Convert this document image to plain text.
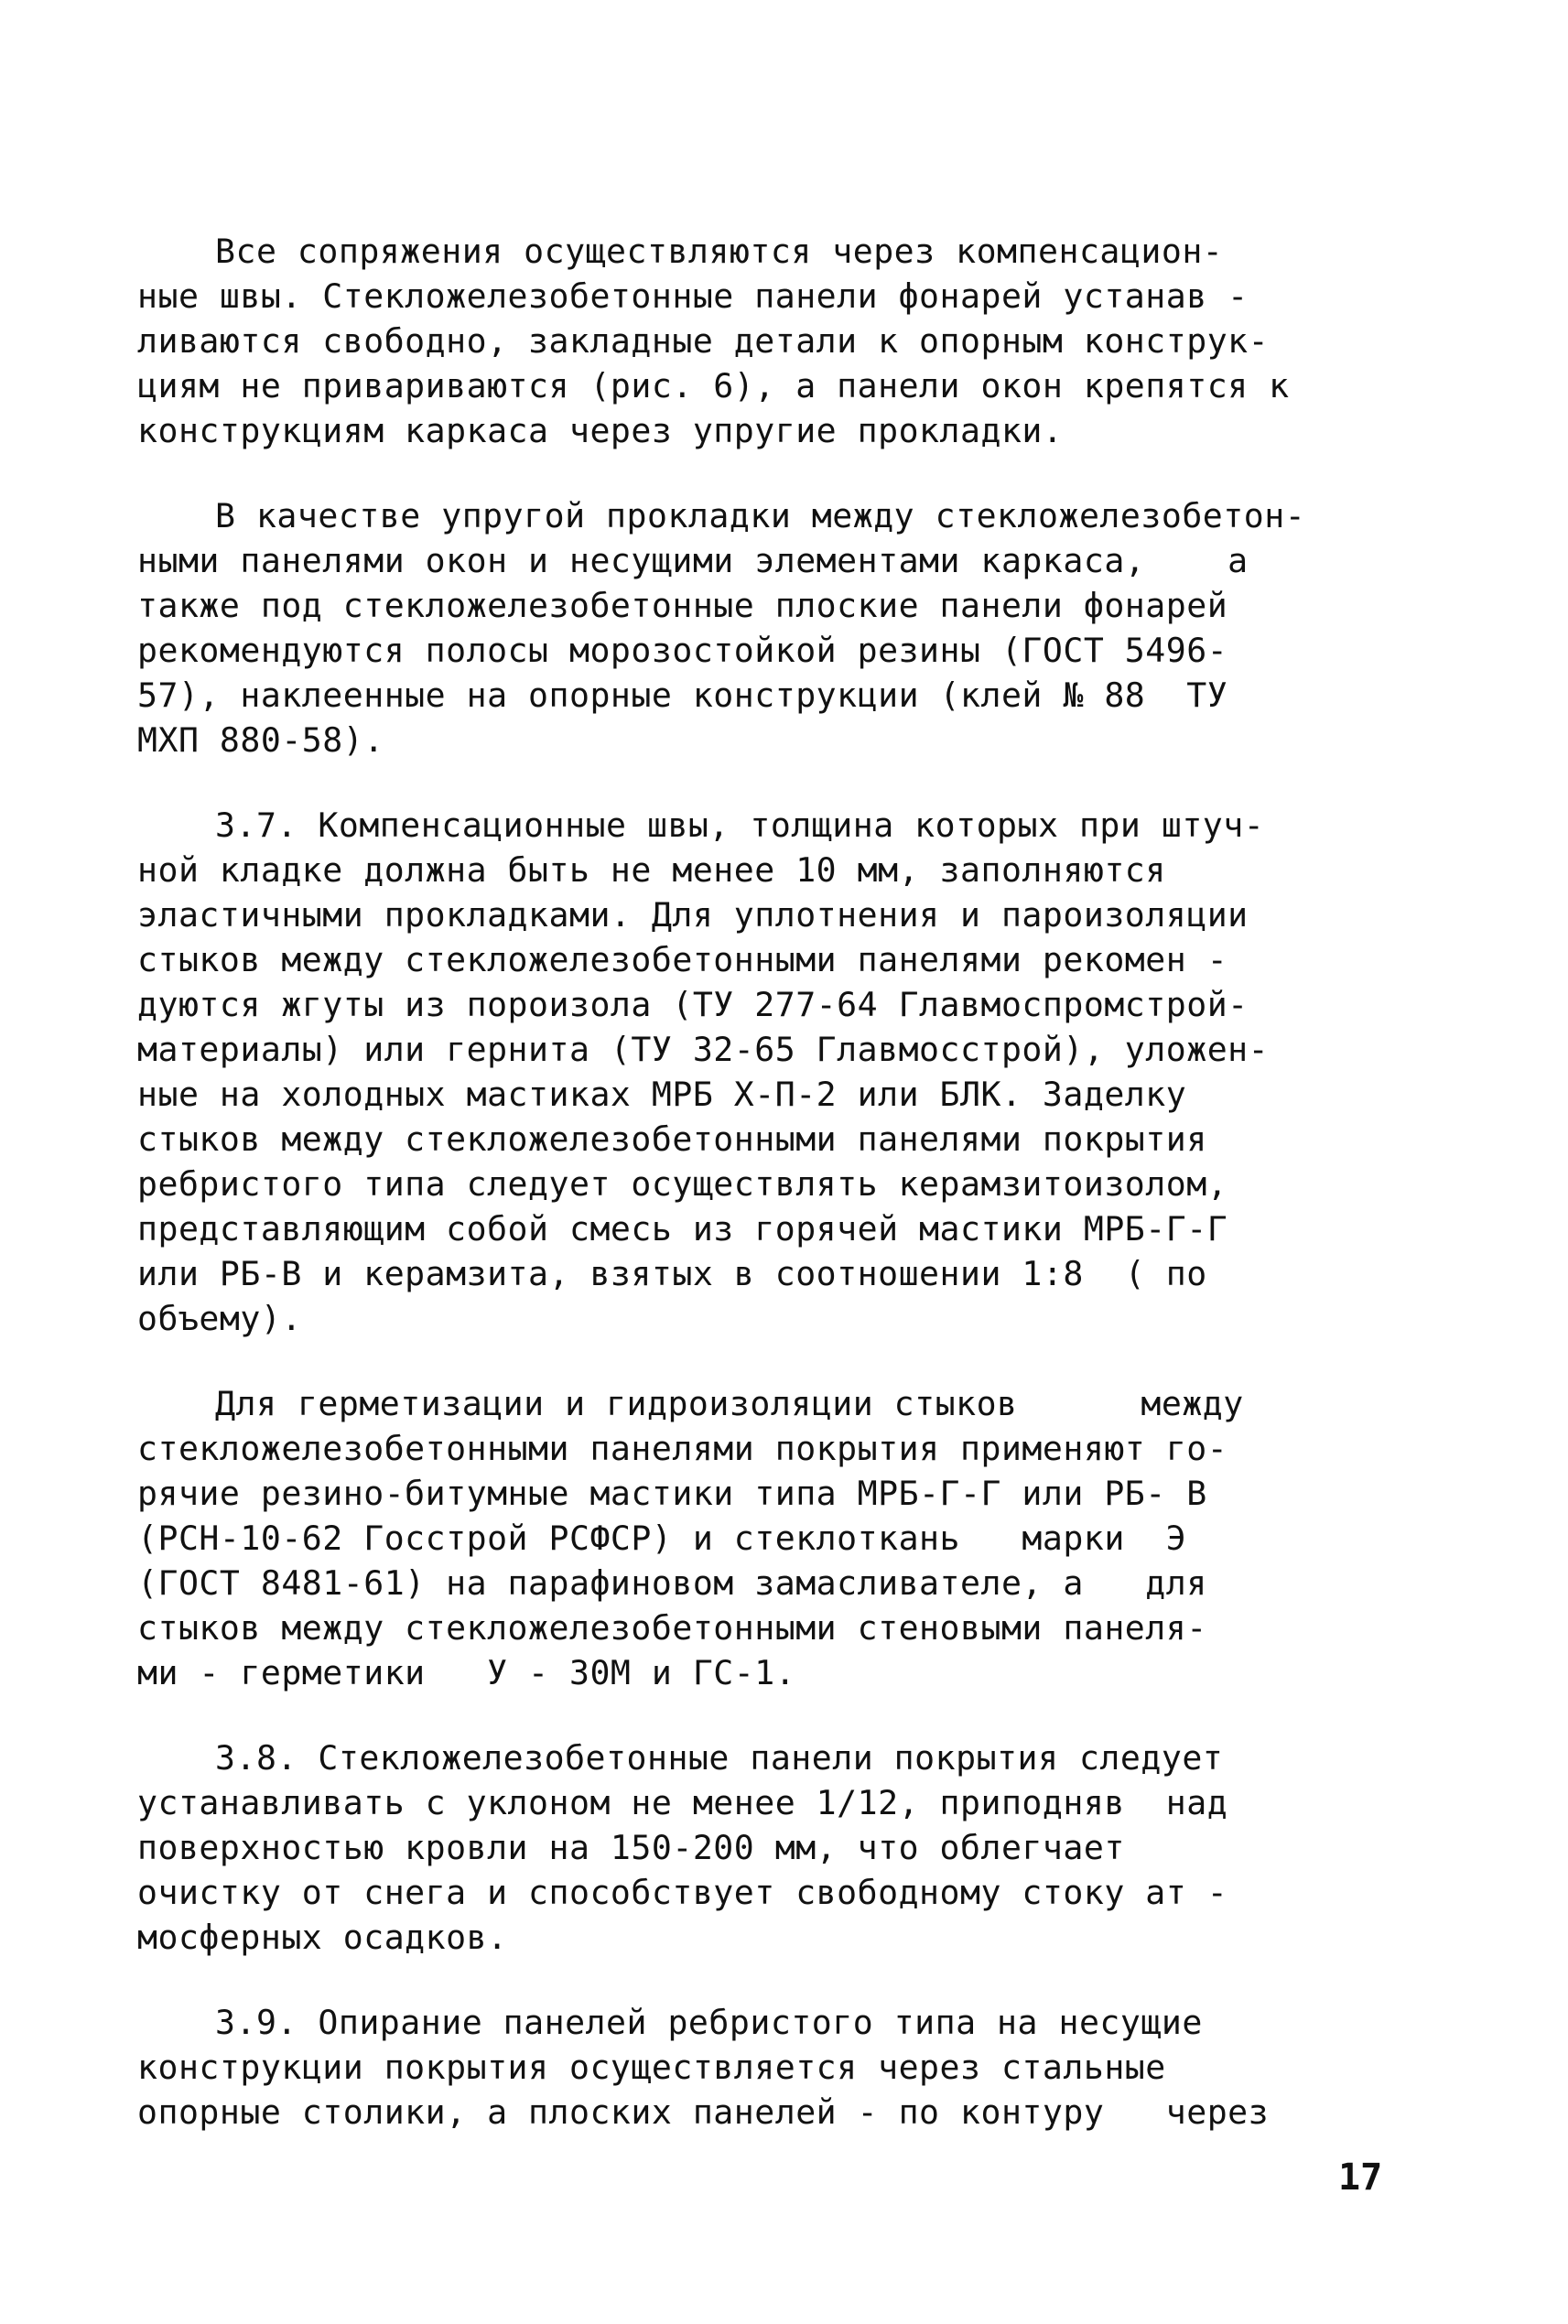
Все сопряжения осуществляются через компенсацион-
ные швы. Стекложелезобетонные панели фонарей устанав -
ливаются свободно, закладные детали к опорным конструк-
циям не привариваются (рис. 6), а панели окон крепятся к
конструкциям каркаса через упругие прокладки.
В качестве упругой прокладки между стекложелезобетон-
ными панелями окон и несущими элементами каркаса,    а
также под стекложелезобетонные плоские панели фонарей
рекомендуются полосы морозостойкой резины (ГОСТ 5496-
57), наклеенные на опорные конструкции (клей № 88  ТУ
МХП 880-58).
3.7. Компенсационные швы, толщина которых при штуч-
ной кладке должна быть не менее 10 мм, заполняются
эластичными прокладками. Для уплотнения и пароизоляции
стыков между стекложелезобетонными панелями рекомен -
дуются жгуты из пороизола (ТУ 277-64 Главмоспромстрой-
материалы) или гернита (ТУ 32-65 Главмосстрой), уложен-
ные на холодных мастиках МРБ Х-П-2 или БЛК. Заделку
стыков между стекложелезобетонными панелями покрытия
ребристого типа следует осуществлять керамзитоизолом,
представляющим собой смесь из горячей мастики МРБ-Г-Г
или РБ-В и керамзита, взятых в соотношении 1:8  ( по
объему).
Для герметизации и гидроизоляции стыков      между
стекложелезобетонными панелями покрытия применяют го-
рячие резино-битумные мастики типа МРБ-Г-Г или РБ- В
(РСН-10-62 Госстрой РСФСР) и стеклоткань   марки  Э
(ГОСТ 8481-61) на парафиновом замасливателе, а   для
стыков между стекложелезобетонными стеновыми панеля-
ми - герметики   У - 30М и ГС-1.
3.8. Стекложелезобетонные панели покрытия следует
устанавливать с уклоном не менее 1/12, приподняв  над
поверхностью кровли на 150-200 мм, что облегчает
очистку от снега и способствует свободному стоку ат -
мосферных осадков.
3.9. Опирание панелей ребристого типа на несущие
конструкции покрытия осуществляется через стальные
опорные столики, а плоских панелей - по контуру   через
17
